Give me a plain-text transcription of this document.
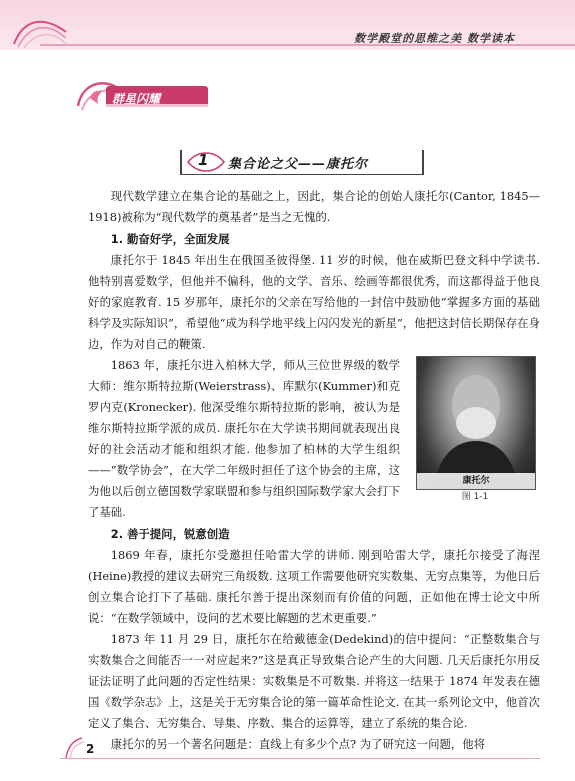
数学殿堂的思维之美 数学读本
群星闪耀
1 集合论之父——康托尔

现代数学建立在集合论的基础之上，因此，集合论的创始人康托尔(Cantor, 1845—1918)被称为“现代数学的奠基者”是当之无愧的.

1. 勤奋好学，全面发展

康托尔于 1845 年出生在俄国圣彼得堡. 11 岁的时候，他在威斯巴登文科中学读书. 他特别喜爱数学，但他并不偏科，他的文学、音乐、绘画等都很优秀，而这都得益于他良好的家庭教育. 15 岁那年，康托尔的父亲在写给他的一封信中鼓励他“掌握多方面的基础科学及实际知识”，希望他“成为科学地平线上闪闪发光的新星”，他把这封信长期保存在身边，作为对自己的鞭策.

康托尔
图 1-1

1863 年，康托尔进入柏林大学，师从三位世界级的数学大师：维尔斯特拉斯(Weierstrass)、库默尔(Kummer)和克罗内克(Kronecker). 他深受维尔斯特拉斯的影响，被认为是维尔斯特拉斯学派的成员. 康托尔在大学读书期间就表现出良好的社会活动才能和组织才能. 他参加了柏林的大学生组织——“数学协会”，在大学二年级时担任了这个协会的主席，这为他以后创立德国数学家联盟和参与组织国际数学家大会打下了基础.

2. 善于提问，锐意创造

1869 年春，康托尔受邀担任哈雷大学的讲师. 刚到哈雷大学，康托尔接受了海涅(Heine)教授的建议去研究三角级数. 这项工作需要他研究实数集、无穷点集等，为他日后创立集合论打下了基础. 康托尔善于提出深刻而有价值的问题，正如他在博士论文中所说：“在数学领域中，设问的艺术要比解题的艺术更重要.”

1873 年 11 月 29 日，康托尔在给戴德金(Dedekind)的信中提问：“正整数集合与实数集合之间能否一一对应起来?”这是真正导致集合论产生的大问题. 几天后康托尔用反证法证明了此问题的否定性结果：实数集是不可数集. 并将这一结果于 1874 年发表在德国《数学杂志》上，这是关于无穷集合论的第一篇革命性论文. 在其一系列论文中，他首次定义了集合、无穷集合、导集、序数、集合的运算等，建立了系统的集合论.

康托尔的另一个著名问题是：直线上有多少个点? 为了研究这一问题，他将

2
